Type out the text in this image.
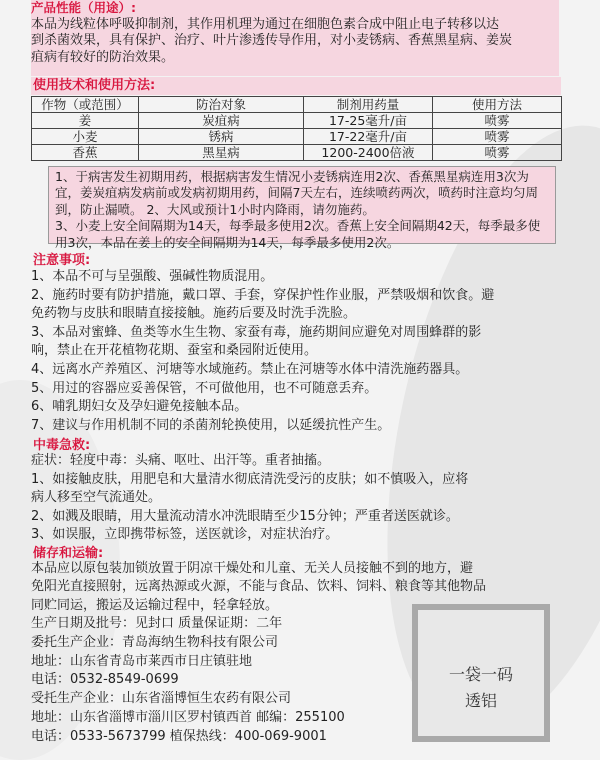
产品性能（用途）:
本品为线粒体呼吸抑制剂，其作用机理为通过在细胞色素合成中阻止电子转移以达
到杀菌效果，具有保护、治疗、叶片渗透传导作用，对小麦锈病、香蕉黑星病、姜炭
疽病有较好的防治效果。
使用技术和使用方法:
作物（或范围）	防治对象	制剂用药量	使用方法
姜	炭疽病	17-25毫升/亩	喷雾
小麦	锈病	17-22毫升/亩	喷雾
香蕉	黑星病	1200-2400倍液	喷雾
1、于病害发生初期用药，根据病害发生情况小麦锈病连用2次、香蕉黑星病连用3次为
宜，姜炭疽病发病前或发病初期用药，间隔7天左右，连续喷药两次，喷药时注意均匀周
到，防止漏喷。 2、大风或预计1小时内降雨，请勿施药。
3、小麦上安全间隔期为14天，每季最多使用2次。香蕉上安全间隔期42天，每季最多使
用3次，本品在姜上的安全间隔期为14天，每季最多使用2次。
注意事项:
1、本品不可与呈强酸、强碱性物质混用。
2、施药时要有防护措施，戴口罩、手套，穿保护性作业服，严禁吸烟和饮食。避
免药物与皮肤和眼睛直接接触。施药后要及时洗手洗脸。
3、本品对蜜蜂、鱼类等水生生物、家蚕有毒，施药期间应避免对周围蜂群的影
响，禁止在开花植物花期、蚕室和桑园附近使用。
4、远离水产养殖区、河塘等水域施药。禁止在河塘等水体中清洗施药器具。
5、用过的容器应妥善保管，不可做他用，也不可随意丢弃。
6、哺乳期妇女及孕妇避免接触本品。
7、建议与作用机制不同的杀菌剂轮换使用，以延缓抗性产生。
中毒急救:
症状：轻度中毒：头痛、呕吐、出汗等。重者抽搐。
1、如接触皮肤，用肥皂和大量清水彻底清洗受污的皮肤；如不慎吸入，应将
病人移至空气流通处。
2、如溅及眼睛，用大量流动清水冲洗眼睛至少15分钟；严重者送医就诊。
3、如误服，立即携带标签，送医就诊，对症状治疗。
储存和运输:
本品应以原包装加锁放置于阴凉干燥处和儿童、无关人员接触不到的地方，避
免阳光直接照射，远离热源或火源，不能与食品、饮料、饲料、粮食等其他物品
同贮同运，搬运及运输过程中，轻拿轻放。
生产日期及批号：见封口 质量保证期：二年
委托生产企业：青岛海纳生物科技有限公司
地址：山东省青岛市莱西市日庄镇驻地
电话：0532-8549-0699
受托生产企业：山东省淄博恒生农药有限公司
地址：山东省淄博市淄川区罗村镇西首 邮编：255100
电话：0533-5673799 植保热线：400-069-9001
一袋一码
透铝
